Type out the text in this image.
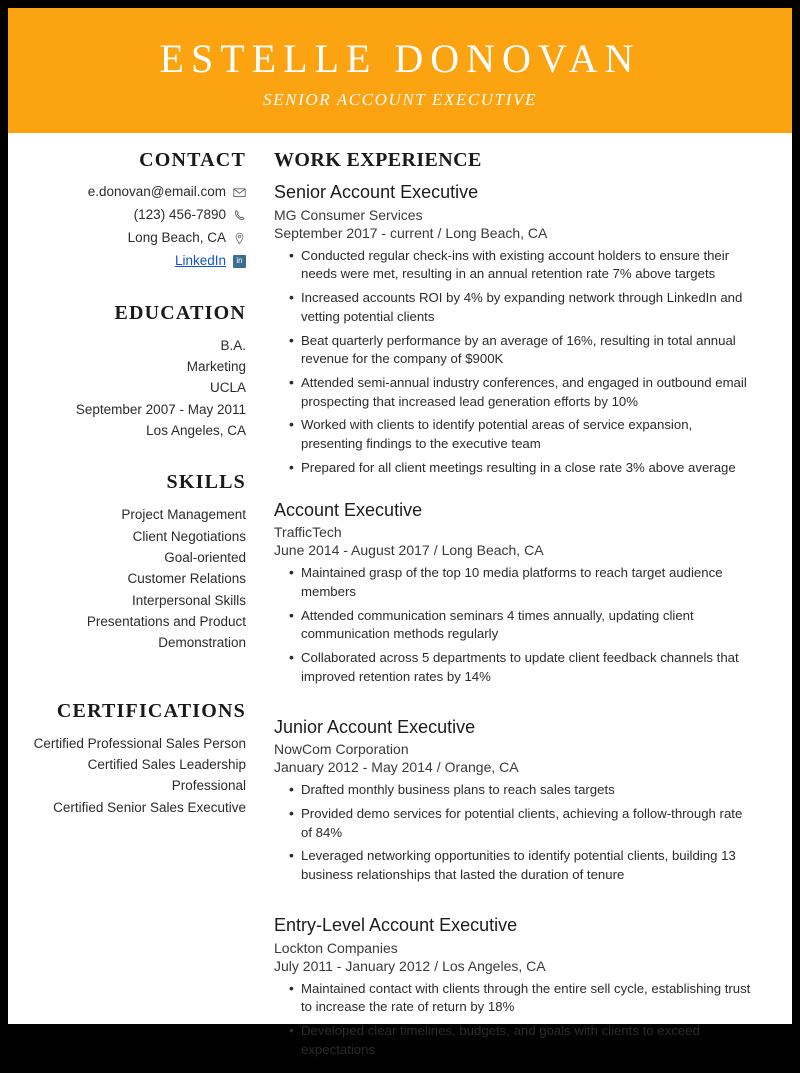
ESTELLE DONOVAN
SENIOR ACCOUNT EXECUTIVE
CONTACT
e.donovan@email.com
(123) 456-7890
Long Beach, CA
LinkedIn	in
EDUCATION
B.A.
Marketing
UCLA
September 2007 - May 2011
Los Angeles, CA
SKILLS
Project Management
Client Negotiations
Goal-oriented
Customer Relations
Interpersonal Skills
Presentations and Product Demonstration
CERTIFICATIONS
Certified Professional Sales Person
Certified Sales Leadership Professional
Certified Senior Sales Executive
WORK EXPERIENCE
Senior Account Executive
MG Consumer Services
September 2017 - current / Long Beach, CA
• Conducted regular check-ins with existing account holders to ensure their needs were met, resulting in an annual retention rate 7% above targets
• Increased accounts ROI by 4% by expanding network through LinkedIn and vetting potential clients
• Beat quarterly performance by an average of 16%, resulting in total annual revenue for the company of $900K
• Attended semi-annual industry conferences, and engaged in outbound email prospecting that increased lead generation efforts by 10%
• Worked with clients to identify potential areas of service expansion, presenting findings to the executive team
• Prepared for all client meetings resulting in a close rate 3% above average
Account Executive
TrafficTech
June 2014 - August 2017 / Long Beach, CA
• Maintained grasp of the top 10 media platforms to reach target audience members
• Attended communication seminars 4 times annually, updating client communication methods regularly
• Collaborated across 5 departments to update client feedback channels that improved retention rates by 14%
Junior Account Executive
NowCom Corporation
January 2012 - May 2014 / Orange, CA
• Drafted monthly business plans to reach sales targets
• Provided demo services for potential clients, achieving a follow-through rate of 84%
• Leveraged networking opportunities to identify potential clients, building 13 business relationships that lasted the duration of tenure
Entry-Level Account Executive
Lockton Companies
July 2011 - January 2012 / Los Angeles, CA
• Maintained contact with clients through the entire sell cycle, establishing trust to increase the rate of return by 18%
• Developed clear timelines, budgets, and goals with clients to exceed expectations
